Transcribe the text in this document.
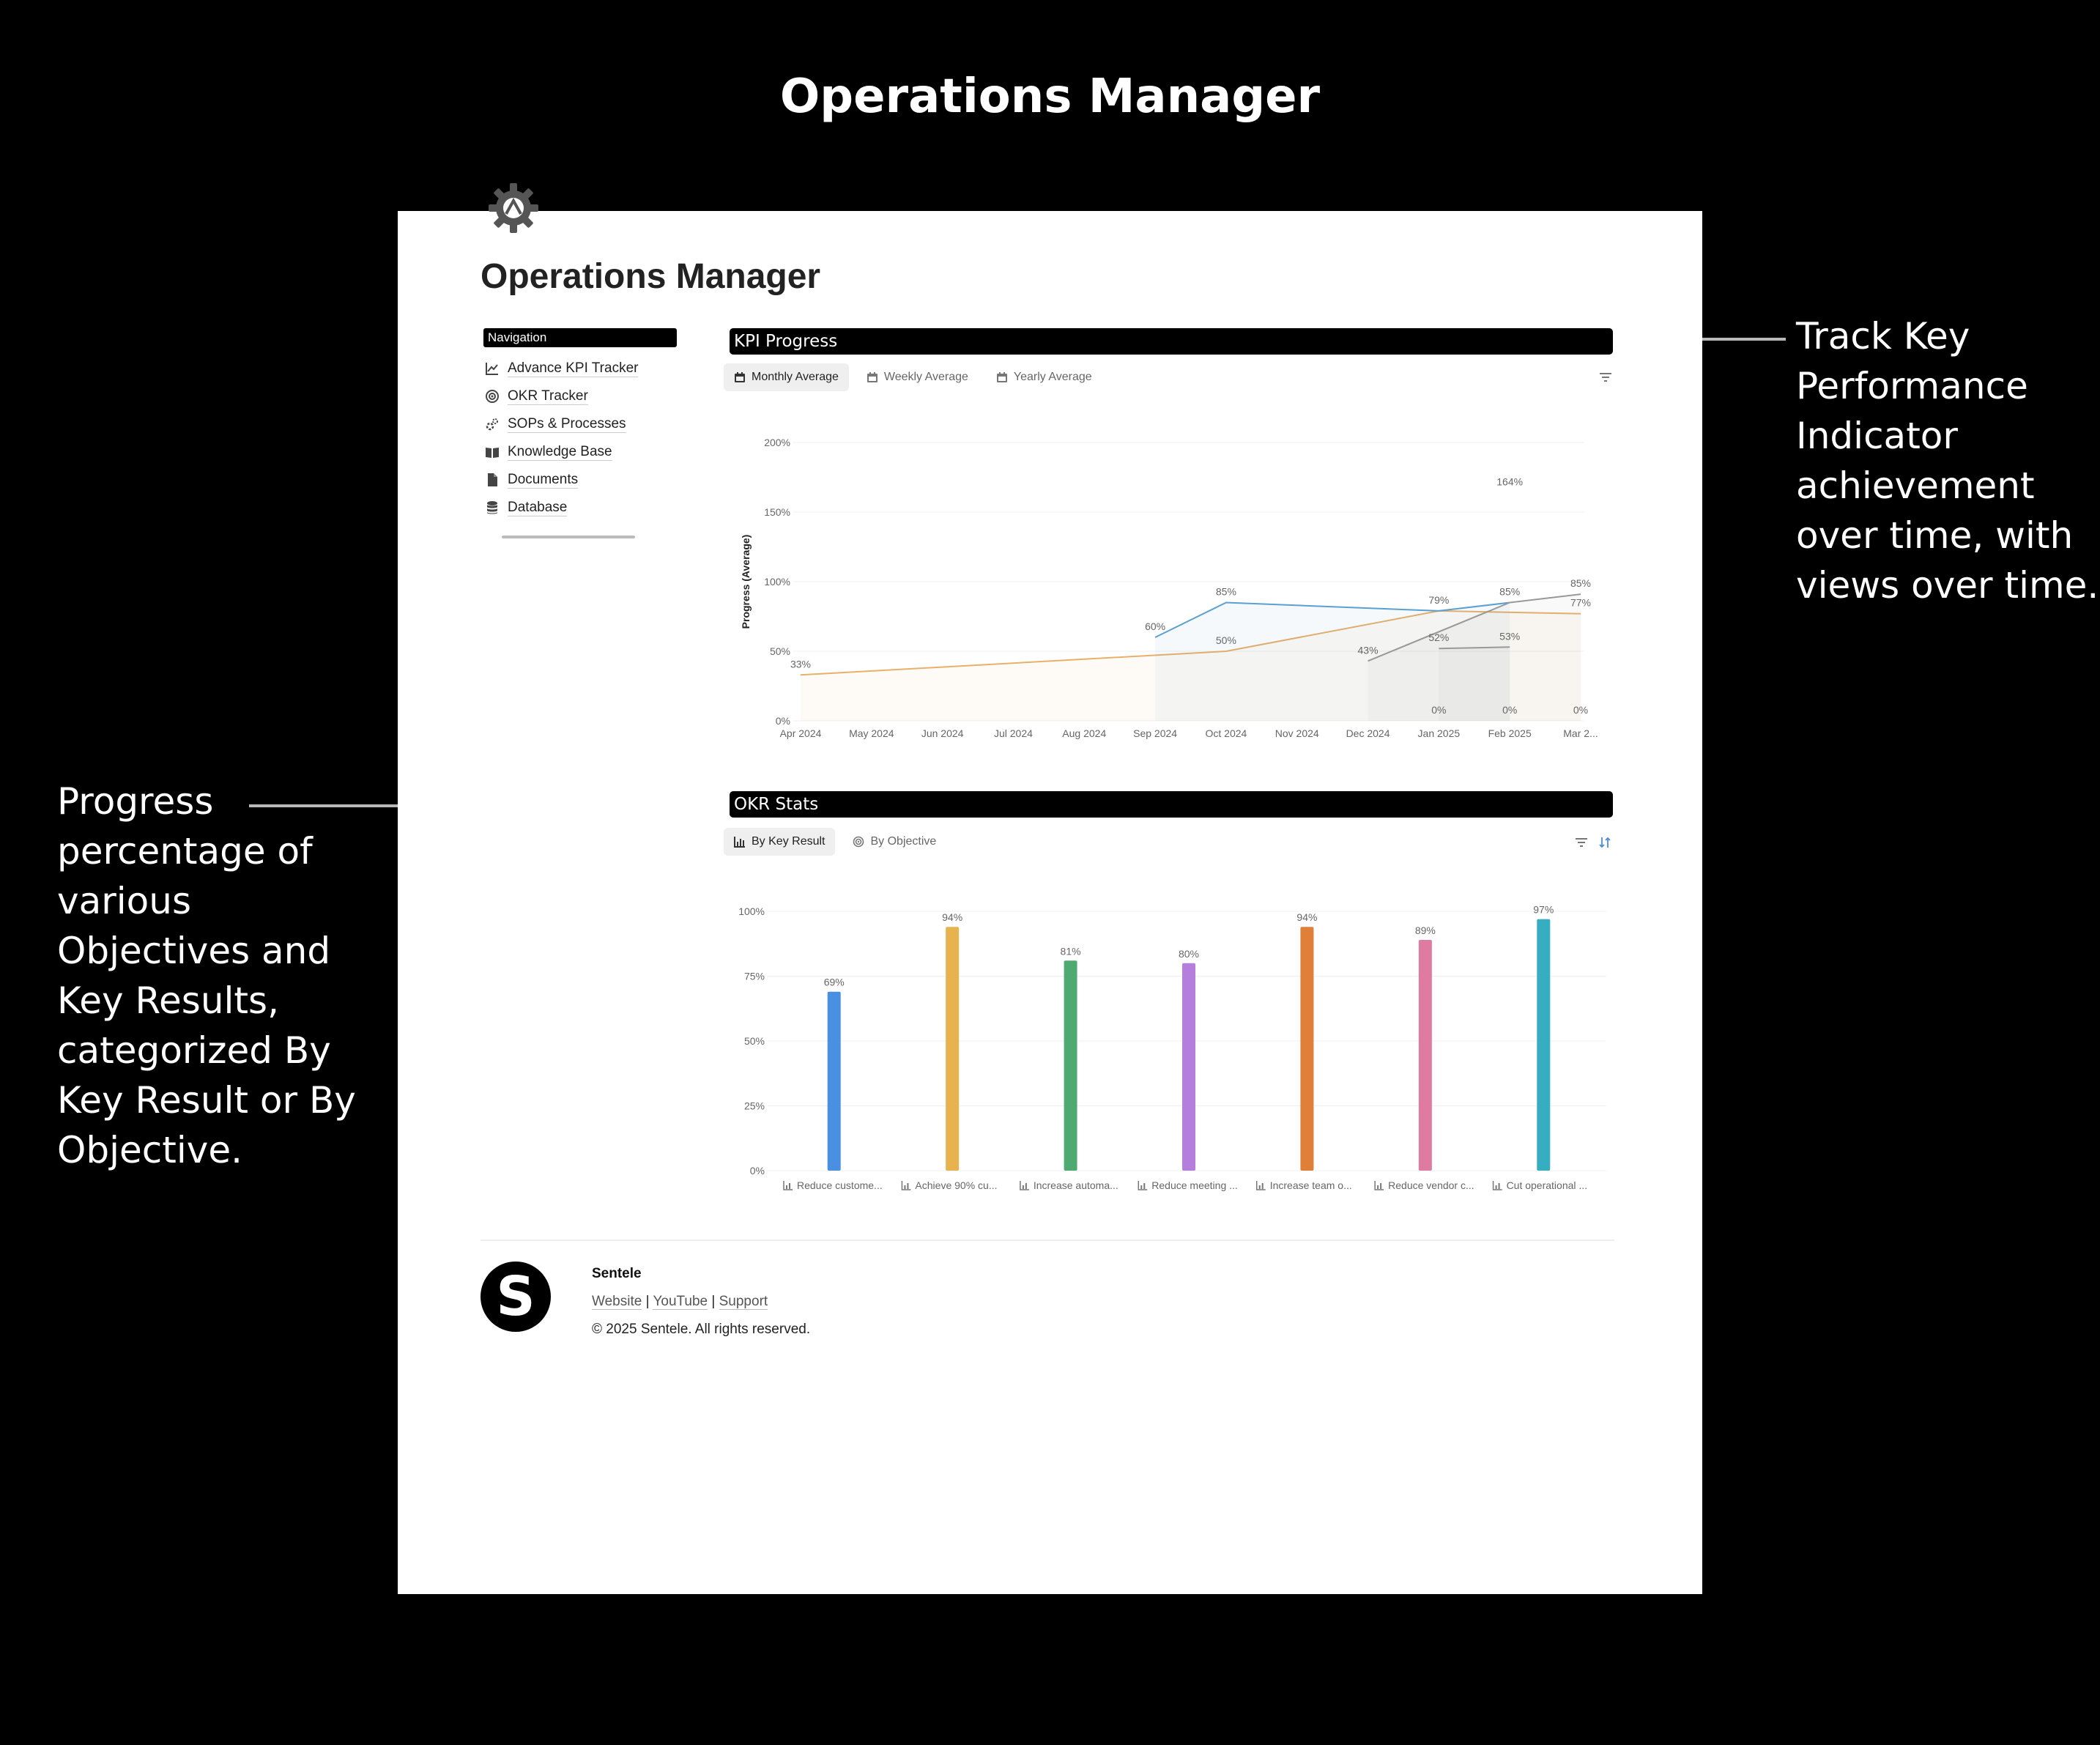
Operations Manager
Track Key Performance Indicator achievement over time, with views over time.
Progress percentage of various Objectives and Key Results, categorized By Key Result or By Objective.
Operations Manager
Navigation
Advance KPI Tracker
OKR Tracker
SOPs & Processes
Knowledge Base
Documents
Database
KPI Progress
Monthly Average	Weekly Average	Yearly Average
0%
50%
100%
150%
200%
Apr 2024	May 2024	Jun 2024	Jul 2024	Aug 2024	Sep 2024	Oct 2024	Nov 2024	Dec 2024	Jan 2025	Feb 2025	Mar 2...
Progress (Average)
33%
50%
79%	77%
60%
85%	85%
43%
85%
52%	53%
164%
0%	0%	0%
OKR Stats
By Key Result	By Objective
0%
25%
50%
75%
100%
69%
Reduce custome...
94%
Achieve 90% cu...
81%
Increase automa...
80%
Reduce meeting ...
94%
Increase team o...
89%
Reduce vendor c...
97%
Cut operational ...
S	Sentele
Website | YouTube | Support
© 2025 Sentele. All rights reserved.
